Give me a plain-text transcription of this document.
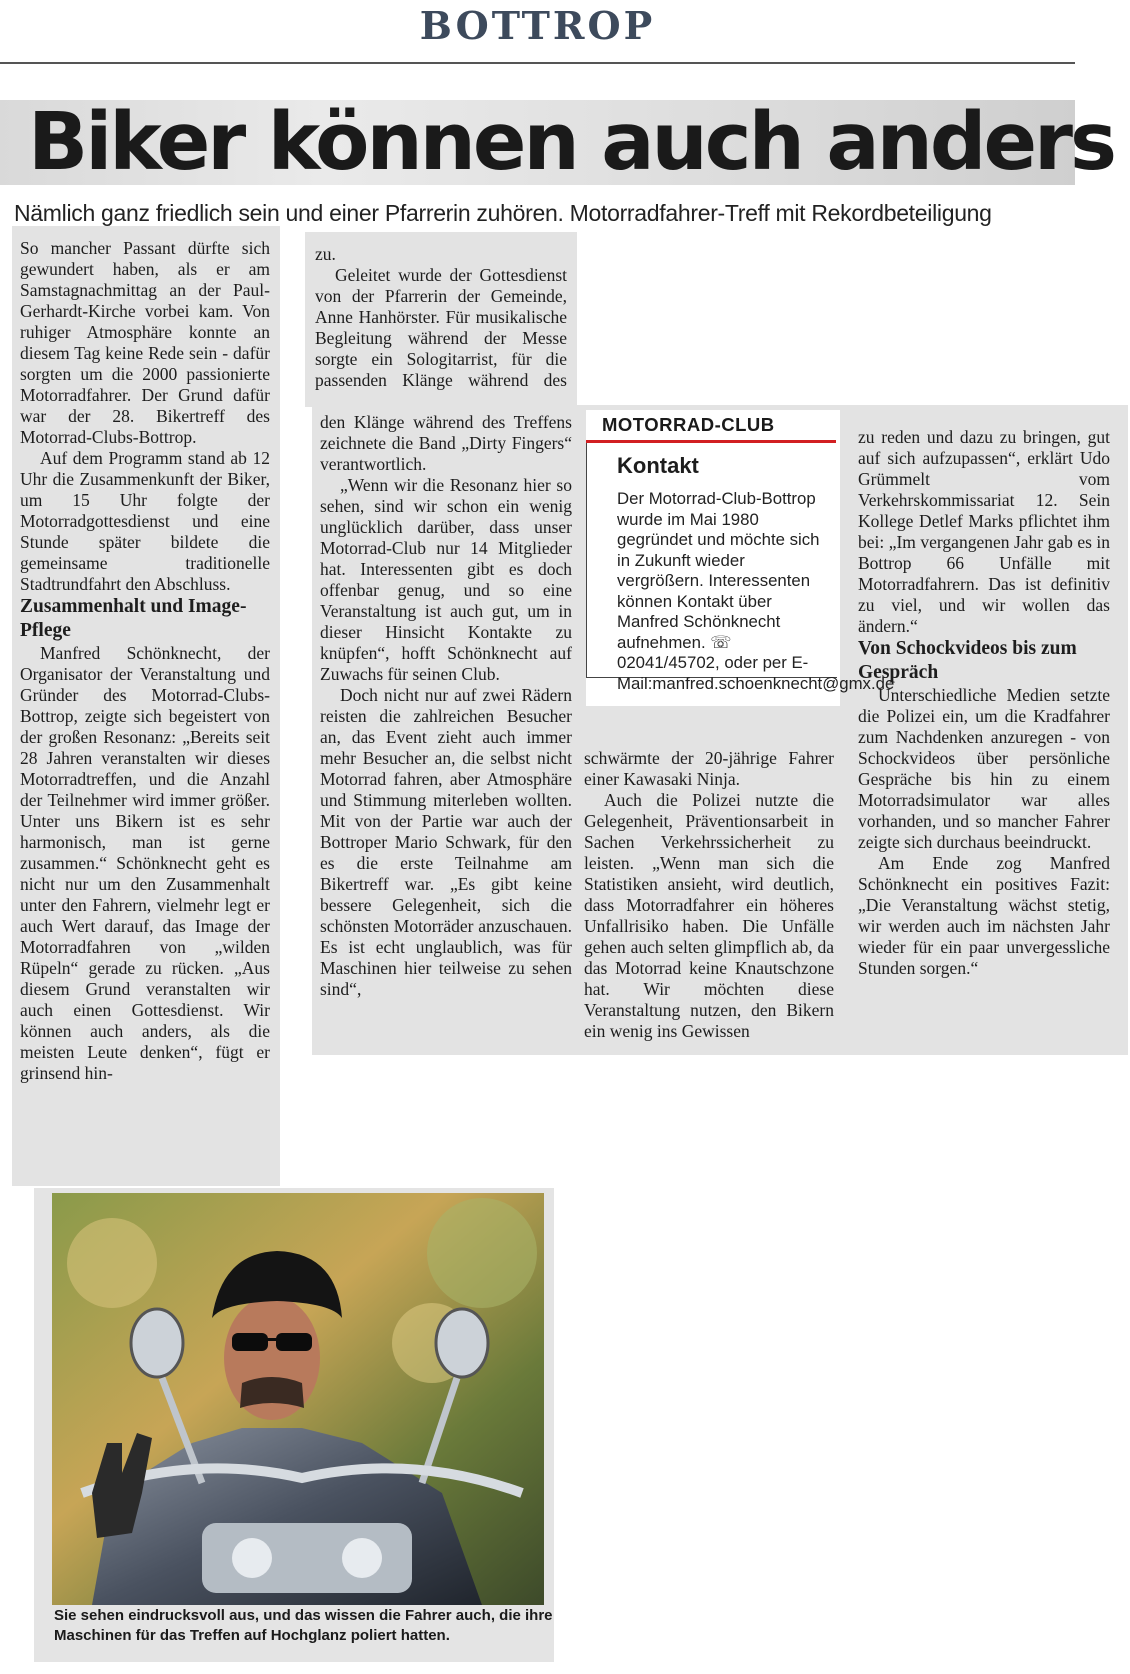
BOTTROP
Biker können auch anders
Nämlich ganz friedlich sein und einer Pfarrerin zuhören. Motorradfahrer-Treff mit Rekordbeteiligung

So mancher Passant dürfte sich gewundert haben, als er am Samstagnachmittag an der Paul-Gerhardt-Kirche vorbei kam. Von ruhiger Atmosphäre konnte an diesem Tag keine Rede sein - dafür sorgten um die 2000 passionierte Motorradfahrer. Der Grund dafür war der 28. Bikertreff des Motorrad-Clubs-Bottrop.

Auf dem Programm stand ab 12 Uhr die Zusammenkunft der Biker, um 15 Uhr folgte der Motorradgottesdienst und eine Stunde später bildete die gemeinsame traditionelle Stadtrundfahrt den Abschluss.

Zusammenhalt und Image-Pflege

Manfred Schönknecht, der Organisator der Veranstaltung und Gründer des Motorrad-Clubs-Bottrop, zeigte sich begeistert von der großen Resonanz: „Bereits seit 28 Jahren veranstalten wir dieses Motorradtreffen, und die Anzahl der Teilnehmer wird immer größer. Unter uns Bikern ist es sehr harmonisch, man ist gerne zusammen.“ Schönknecht geht es nicht nur um den Zusammenhalt unter den Fahrern, vielmehr legt er auch Wert darauf, das Image der Motorradfahren von „wilden Rüpeln“ gerade zu rücken. „Aus diesem Grund veranstalten wir auch einen Gottesdienst. Wir können auch anders, als die meisten Leute denken“, fügt er grinsend hin-

zu.

Geleitet wurde der Gottesdienst von der Pfarrerin der Gemeinde, Anne Hanhörster. Für musikalische Begleitung während der Messe sorgte ein Sologitarrist, für die passenden Klänge während des

den Klänge während des Treffens zeichnete die Band „Dirty Fingers“ verantwortlich.

„Wenn wir die Resonanz hier so sehen, sind wir schon ein wenig unglücklich darüber, dass unser Motorrad-Club nur 14 Mitglieder hat. Interessenten gibt es doch offenbar genug, und so eine Veranstaltung ist auch gut, um in dieser Hinsicht Kontakte zu knüpfen“, hofft Schönknecht auf Zuwachs für seinen Club.

Doch nicht nur auf zwei Rädern reisten die zahlreichen Besucher an, das Event zieht auch immer mehr Besucher an, die selbst nicht Motorrad fahren, aber Atmosphäre und Stimmung miterleben wollten. Mit von der Partie war auch der Bottroper Mario Schwark, für den es die erste Teilnahme am Bikertreff war. „Es gibt keine bessere Gelegenheit, sich die schönsten Motorräder anzuschauen. Es ist echt unglaublich, was für Maschinen hier teilweise zu sehen sind“,

MOTORRAD-CLUB
Kontakt
Der Motorrad-Club-Bottrop wurde im Mai 1980 gegründet und möchte sich in Zukunft wieder vergrößern. Interessenten können Kontakt über Manfred Schönknecht aufnehmen. ☏ 02041/45702, oder per E-Mail:manfred.schoenknecht@gmx.de

schwärmte der 20-jährige Fahrer einer Kawasaki Ninja.

Auch die Polizei nutzte die Gelegenheit, Präventionsarbeit in Sachen Verkehrssicherheit zu leisten. „Wenn man sich die Statistiken ansieht, wird deutlich, dass Motorradfahrer ein höheres Unfallrisiko haben. Die Unfälle gehen auch selten glimpflich ab, da das Motorrad keine Knautschzone hat. Wir möchten diese Veranstaltung nutzen, den Bikern ein wenig ins Gewissen

zu reden und dazu zu bringen, gut auf sich aufzupassen“, erklärt Udo Grümmelt vom Verkehrskommissariat 12. Sein Kollege Detlef Marks pflichtet ihm bei: „Im vergangenen Jahr gab es in Bottrop 66 Unfälle mit Motorradfahrern. Das ist definitiv zu viel, und wir wollen das ändern.“

Von Schockvideos bis zum Gespräch

Unterschiedliche Medien setzte die Polizei ein, um die Kradfahrer zum Nachdenken anzuregen - von Schockvideos über persönliche Gespräche bis hin zu einem Motorradsimulator war alles vorhanden, und so mancher Fahrer zeigte sich durchaus beeindruckt.

Am Ende zog Manfred Schönknecht ein positives Fazit: „Die Veranstaltung wächst stetig, wir werden auch im nächsten Jahr wieder für ein paar unvergessliche Stunden sorgen.“

Sie sehen eindrucksvoll aus, und das wissen die Fahrer auch, die ihre Maschinen für das Treffen auf Hochglanz poliert hatten.
